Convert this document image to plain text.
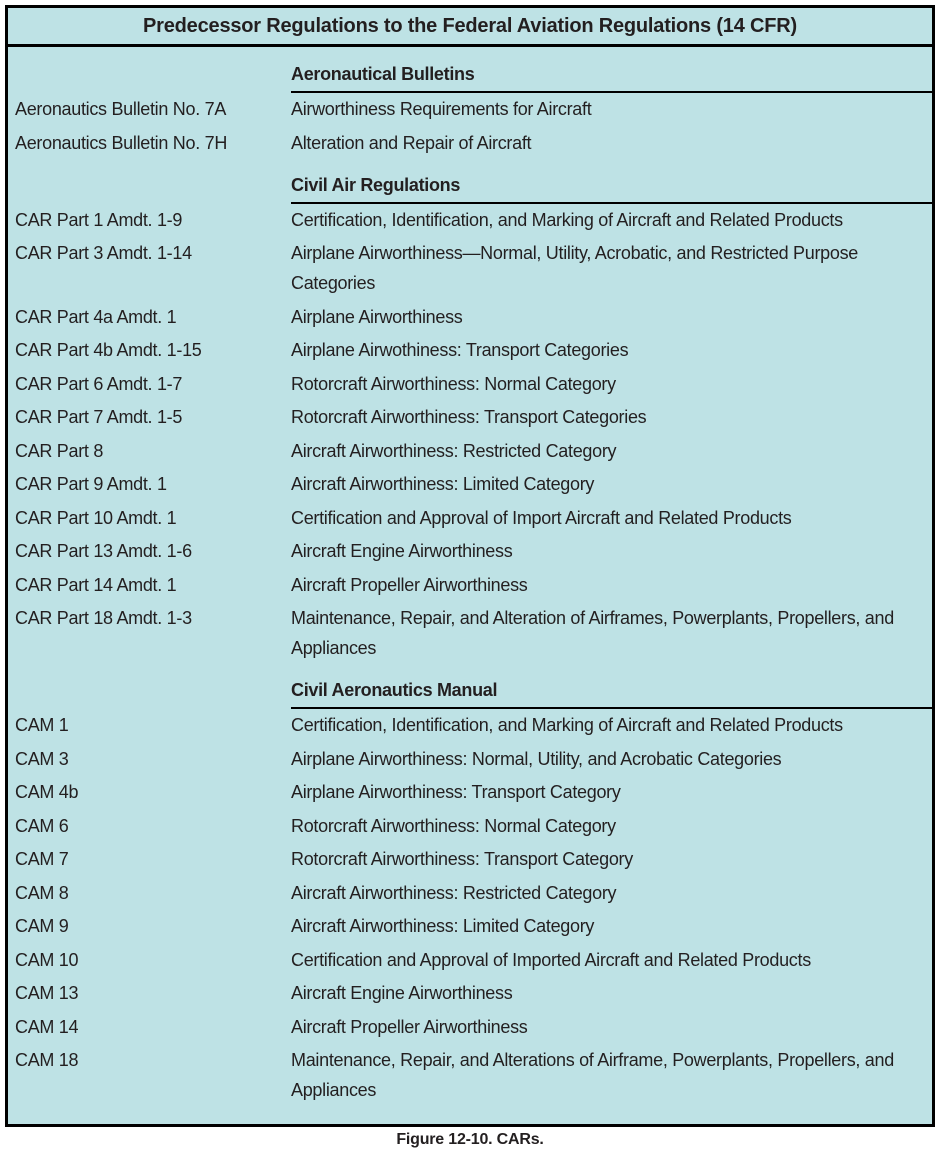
Predecessor Regulations to the Federal Aviation Regulations (14 CFR)
Aeronautical Bulletins
Aeronautics Bulletin No. 7A	Airworthiness Requirements for Aircraft
Aeronautics Bulletin No. 7H	Alteration and Repair of Aircraft
Civil Air Regulations
CAR Part 1 Amdt. 1-9	Certification, Identification, and Marking of Aircraft and Related Products
CAR Part 3 Amdt. 1-14	Airplane Airworthiness—Normal, Utility, Acrobatic, and Restricted Purpose Categories
CAR Part 4a Amdt. 1	Airplane Airworthiness
CAR Part 4b Amdt. 1-15	Airplane Airwothiness: Transport Categories
CAR Part 6 Amdt. 1-7	Rotorcraft Airworthiness: Normal Category
CAR Part 7 Amdt. 1-5	Rotorcraft Airworthiness: Transport Categories
CAR Part 8	Aircraft Airworthiness: Restricted Category
CAR Part 9 Amdt. 1	Aircraft Airworthiness: Limited Category
CAR Part 10 Amdt. 1	Certification and Approval of Import Aircraft and Related Products
CAR Part 13 Amdt. 1-6	Aircraft Engine Airworthiness
CAR Part 14 Amdt. 1	Aircraft Propeller Airworthiness
CAR Part 18 Amdt. 1-3	Maintenance, Repair, and Alteration of Airframes, Powerplants, Propellers, and Appliances
Civil Aeronautics Manual
CAM 1	Certification, Identification, and Marking of Aircraft and Related Products
CAM 3	Airplane Airworthiness: Normal, Utility, and Acrobatic Categories
CAM 4b	Airplane Airworthiness: Transport Category
CAM 6	Rotorcraft Airworthiness: Normal Category
CAM 7	Rotorcraft Airworthiness: Transport Category
CAM 8	Aircraft Airworthiness: Restricted Category
CAM 9	Aircraft Airworthiness: Limited Category
CAM 10	Certification and Approval of Imported Aircraft and Related Products
CAM 13	Aircraft Engine Airworthiness
CAM 14	Aircraft Propeller Airworthiness
CAM 18	Maintenance, Repair, and Alterations of Airframe, Powerplants, Propellers, and Appliances
Figure 12-10. CARs.
